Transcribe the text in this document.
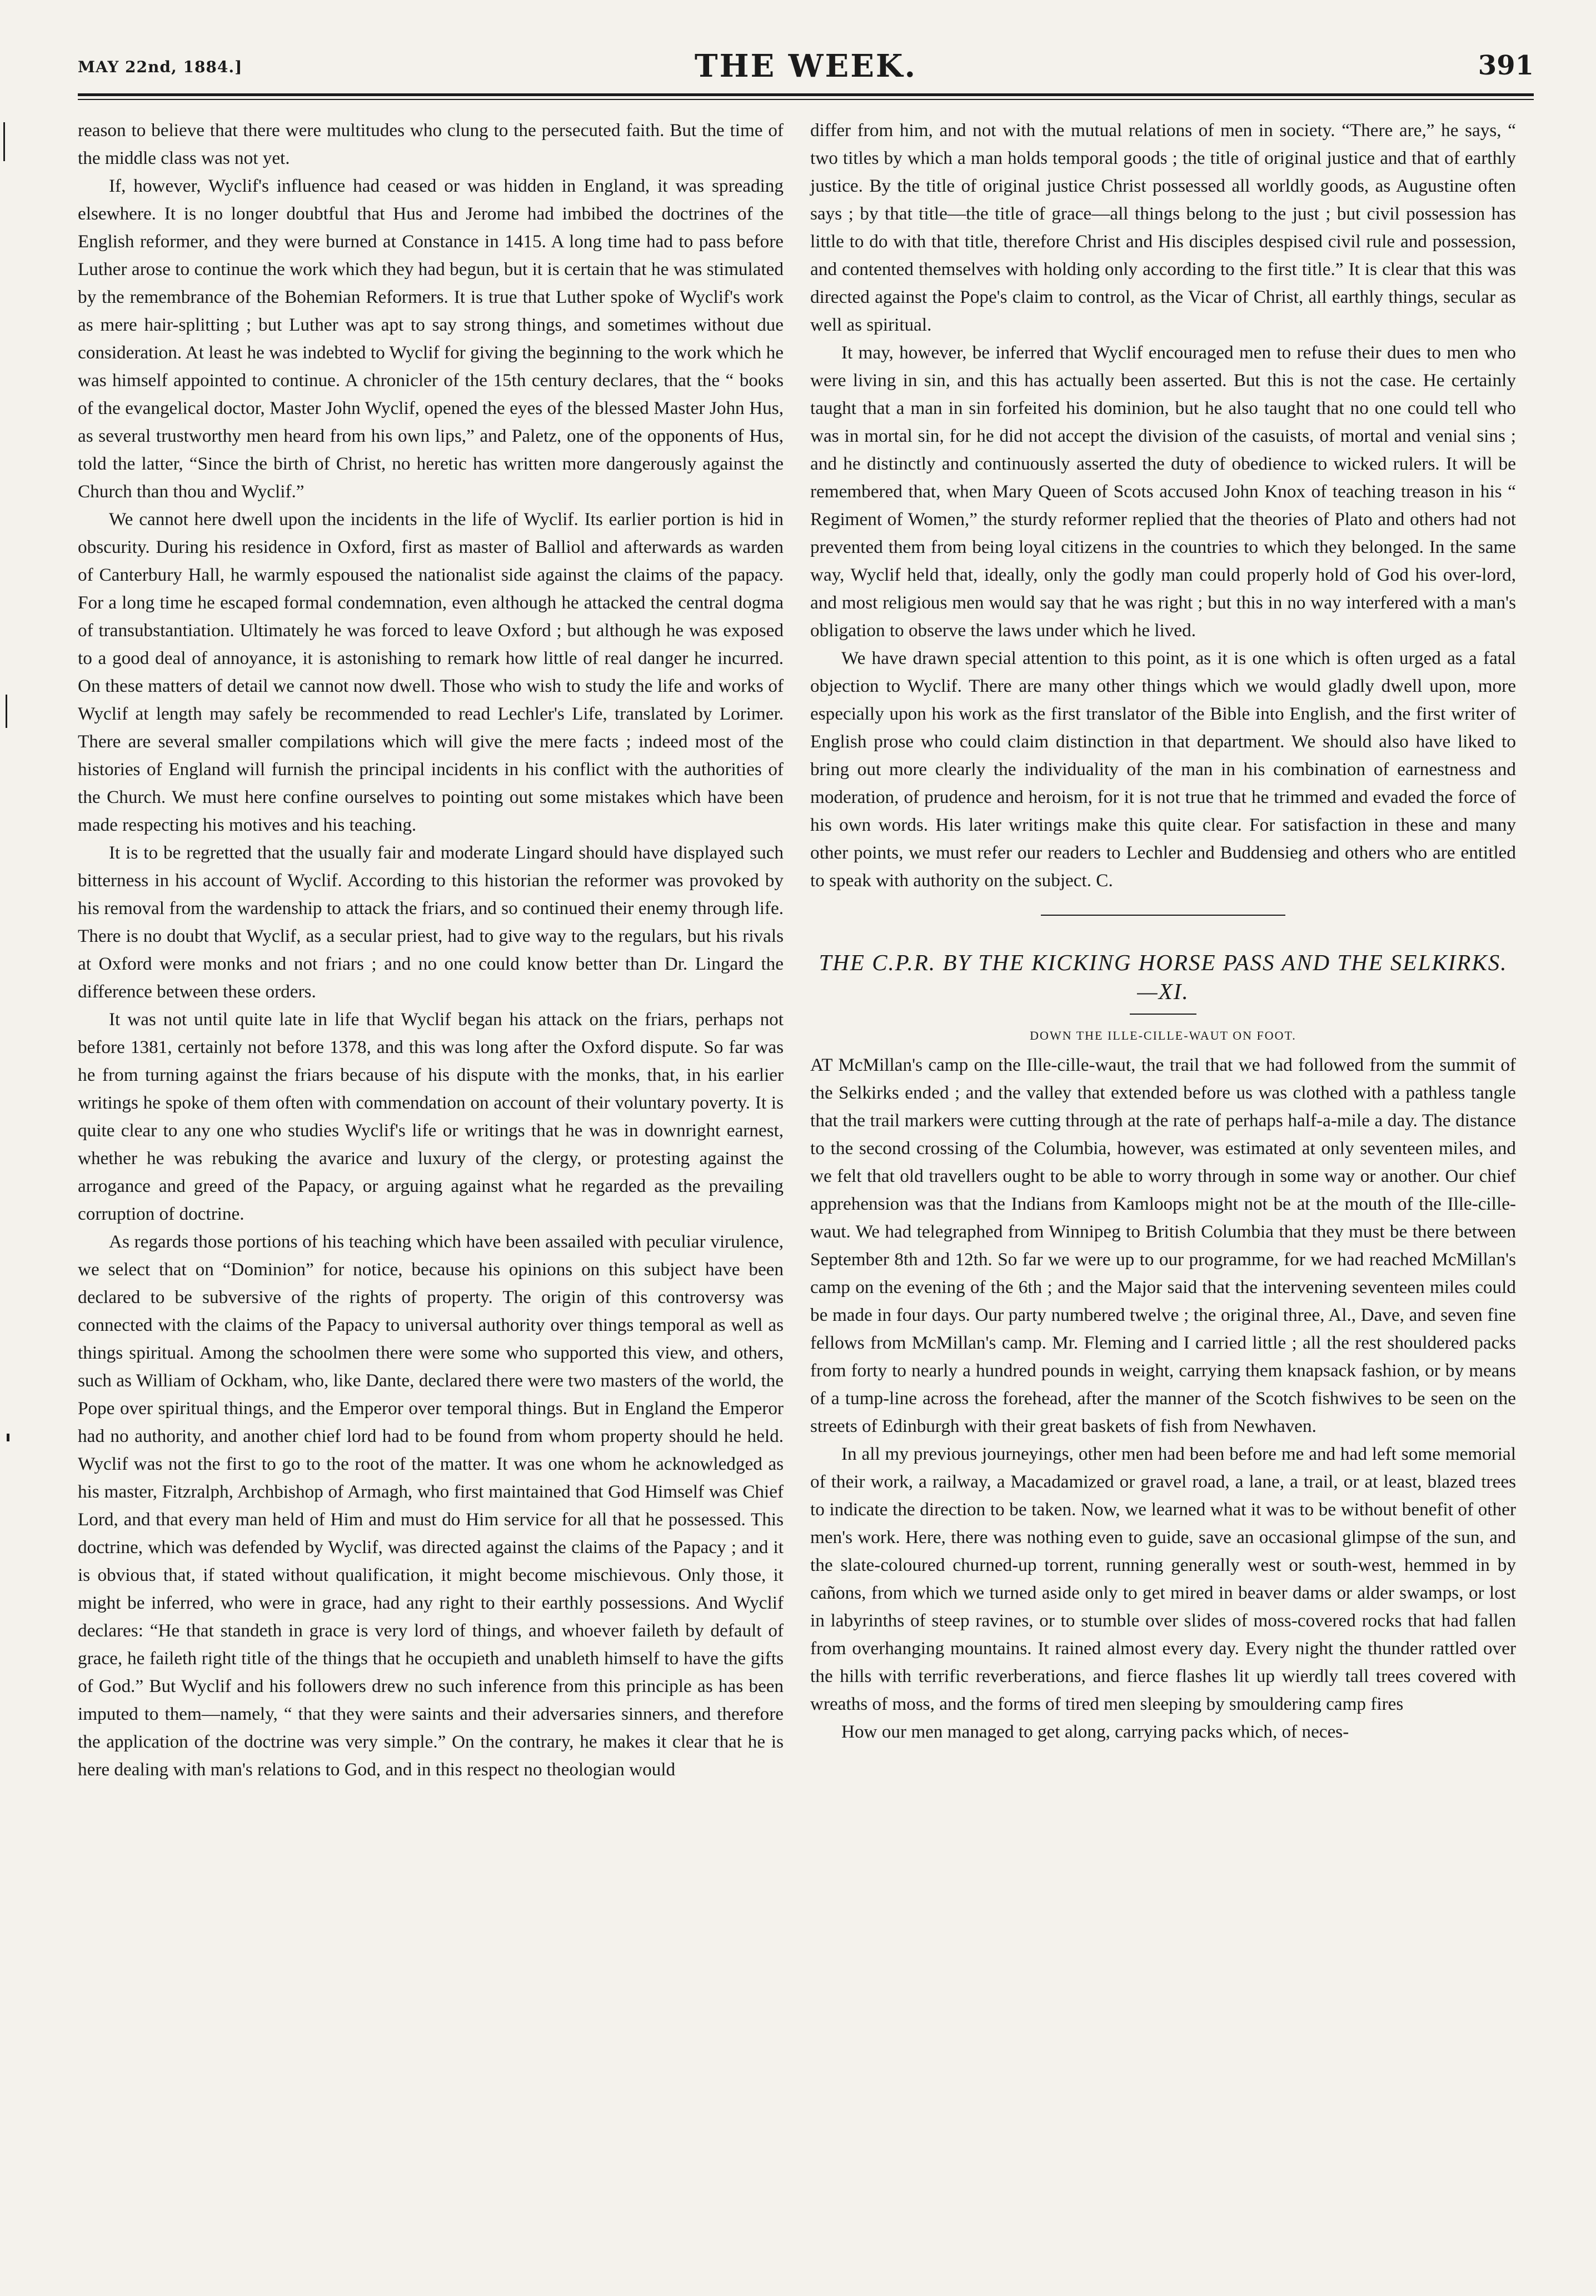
MAY 22nd, 1884.]	THE WEEK.	391

reason to believe that there were multitudes who clung to the persecuted faith. But the time of the middle class was not yet.

If, however, Wyclif's influence had ceased or was hidden in England, it was spreading elsewhere. It is no longer doubtful that Hus and Jerome had imbibed the doctrines of the English reformer, and they were burned at Constance in 1415. A long time had to pass before Luther arose to continue the work which they had begun, but it is certain that he was stimulated by the remembrance of the Bohemian Reformers. It is true that Luther spoke of Wyclif's work as mere hair-splitting ; but Luther was apt to say strong things, and sometimes without due consideration. At least he was indebted to Wyclif for giving the beginning to the work which he was himself appointed to continue. A chronicler of the 15th century declares, that the “ books of the evangelical doctor, Master John Wyclif, opened the eyes of the blessed Master John Hus, as several trustworthy men heard from his own lips,” and Paletz, one of the opponents of Hus, told the latter, “Since the birth of Christ, no heretic has written more dangerously against the Church than thou and Wyclif.”

We cannot here dwell upon the incidents in the life of Wyclif. Its earlier portion is hid in obscurity. During his residence in Oxford, first as master of Balliol and afterwards as warden of Canterbury Hall, he warmly espoused the nationalist side against the claims of the papacy. For a long time he escaped formal condemnation, even although he attacked the central dogma of transubstantiation. Ultimately he was forced to leave Oxford ; but although he was exposed to a good deal of annoyance, it is astonishing to remark how little of real danger he incurred. On these matters of detail we cannot now dwell. Those who wish to study the life and works of Wyclif at length may safely be recommended to read Lechler's Life, translated by Lorimer. There are several smaller compilations which will give the mere facts ; indeed most of the histories of England will furnish the principal incidents in his conflict with the authorities of the Church. We must here confine ourselves to pointing out some mistakes which have been made respecting his motives and his teaching.

It is to be regretted that the usually fair and moderate Lingard should have displayed such bitterness in his account of Wyclif. According to this historian the reformer was provoked by his removal from the wardenship to attack the friars, and so continued their enemy through life. There is no doubt that Wyclif, as a secular priest, had to give way to the regulars, but his rivals at Oxford were monks and not friars ; and no one could know better than Dr. Lingard the difference between these orders.

It was not until quite late in life that Wyclif began his attack on the friars, perhaps not before 1381, certainly not before 1378, and this was long after the Oxford dispute. So far was he from turning against the friars because of his dispute with the monks, that, in his earlier writings he spoke of them often with commendation on account of their voluntary poverty. It is quite clear to any one who studies Wyclif's life or writings that he was in downright earnest, whether he was rebuking the avarice and luxury of the clergy, or protesting against the arrogance and greed of the Papacy, or arguing against what he regarded as the prevailing corruption of doctrine.

As regards those portions of his teaching which have been assailed with peculiar virulence, we select that on “Dominion” for notice, because his opinions on this subject have been declared to be subversive of the rights of property. The origin of this controversy was connected with the claims of the Papacy to universal authority over things temporal as well as things spiritual. Among the schoolmen there were some who supported this view, and others, such as William of Ockham, who, like Dante, declared there were two masters of the world, the Pope over spiritual things, and the Emperor over temporal things. But in England the Emperor had no authority, and another chief lord had to be found from whom property should he held. Wyclif was not the first to go to the root of the matter. It was one whom he acknowledged as his master, Fitzralph, Archbishop of Armagh, who first maintained that God Himself was Chief Lord, and that every man held of Him and must do Him service for all that he possessed. This doctrine, which was defended by Wyclif, was directed against the claims of the Papacy ; and it is obvious that, if stated without qualification, it might become mischievous. Only those, it might be inferred, who were in grace, had any right to their earthly possessions. And Wyclif declares: “He that standeth in grace is very lord of things, and whoever faileth by default of grace, he faileth right title of the things that he occupieth and unableth himself to have the gifts of God.” But Wyclif and his followers drew no such inference from this principle as has been imputed to them—namely, “ that they were saints and their adversaries sinners, and therefore the application of the doctrine was very simple.” On the contrary, he makes it clear that he is here dealing with man's relations to God, and in this respect no theologian would

differ from him, and not with the mutual relations of men in society. “There are,” he says, “ two titles by which a man holds temporal goods ; the title of original justice and that of earthly justice. By the title of original justice Christ possessed all worldly goods, as Augustine often says ; by that title—the title of grace—all things belong to the just ; but civil possession has little to do with that title, therefore Christ and His disciples despised civil rule and possession, and contented themselves with holding only according to the first title.” It is clear that this was directed against the Pope's claim to control, as the Vicar of Christ, all earthly things, secular as well as spiritual.

It may, however, be inferred that Wyclif encouraged men to refuse their dues to men who were living in sin, and this has actually been asserted. But this is not the case. He certainly taught that a man in sin forfeited his dominion, but he also taught that no one could tell who was in mortal sin, for he did not accept the division of the casuists, of mortal and venial sins ; and he distinctly and continuously asserted the duty of obedience to wicked rulers. It will be remembered that, when Mary Queen of Scots accused John Knox of teaching treason in his “ Regiment of Women,” the sturdy reformer replied that the theories of Plato and others had not prevented them from being loyal citizens in the countries to which they belonged. In the same way, Wyclif held that, ideally, only the godly man could properly hold of God his over-lord, and most religious men would say that he was right ; but this in no way interfered with a man's obligation to observe the laws under which he lived.

We have drawn special attention to this point, as it is one which is often urged as a fatal objection to Wyclif. There are many other things which we would gladly dwell upon, more especially upon his work as the first translator of the Bible into English, and the first writer of English prose who could claim distinction in that department. We should also have liked to bring out more clearly the individuality of the man in his combination of earnestness and moderation, of prudence and heroism, for it is not true that he trimmed and evaded the force of his own words. His later writings make this quite clear. For satisfaction in these and many other points, we must refer our readers to Lechler and Buddensieg and others who are entitled to speak with authority on the subject. C.

THE C.P.R. BY THE KICKING HORSE PASS AND THE SELKIRKS.—XI.
DOWN THE ILLE-CILLE-WAUT ON FOOT.

AT McMillan's camp on the Ille-cille-waut, the trail that we had followed from the summit of the Selkirks ended ; and the valley that extended before us was clothed with a pathless tangle that the trail markers were cutting through at the rate of perhaps half-a-mile a day. The distance to the second crossing of the Columbia, however, was estimated at only seventeen miles, and we felt that old travellers ought to be able to worry through in some way or another. Our chief apprehension was that the Indians from Kamloops might not be at the mouth of the Ille-cille-waut. We had telegraphed from Winnipeg to British Columbia that they must be there between September 8th and 12th. So far we were up to our programme, for we had reached McMillan's camp on the evening of the 6th ; and the Major said that the intervening seventeen miles could be made in four days. Our party numbered twelve ; the original three, Al., Dave, and seven fine fellows from McMillan's camp. Mr. Fleming and I carried little ; all the rest shouldered packs from forty to nearly a hundred pounds in weight, carrying them knapsack fashion, or by means of a tump-line across the forehead, after the manner of the Scotch fishwives to be seen on the streets of Edinburgh with their great baskets of fish from Newhaven.

In all my previous journeyings, other men had been before me and had left some memorial of their work, a railway, a Macadamized or gravel road, a lane, a trail, or at least, blazed trees to indicate the direction to be taken. Now, we learned what it was to be without benefit of other men's work. Here, there was nothing even to guide, save an occasional glimpse of the sun, and the slate-coloured churned-up torrent, running generally west or south-west, hemmed in by cañons, from which we turned aside only to get mired in beaver dams or alder swamps, or lost in labyrinths of steep ravines, or to stumble over slides of moss-covered rocks that had fallen from overhanging mountains. It rained almost every day. Every night the thunder rattled over the hills with terrific reverberations, and fierce flashes lit up wierdly tall trees covered with wreaths of moss, and the forms of tired men sleeping by smouldering camp fires

How our men managed to get along, carrying packs which, of neces-
